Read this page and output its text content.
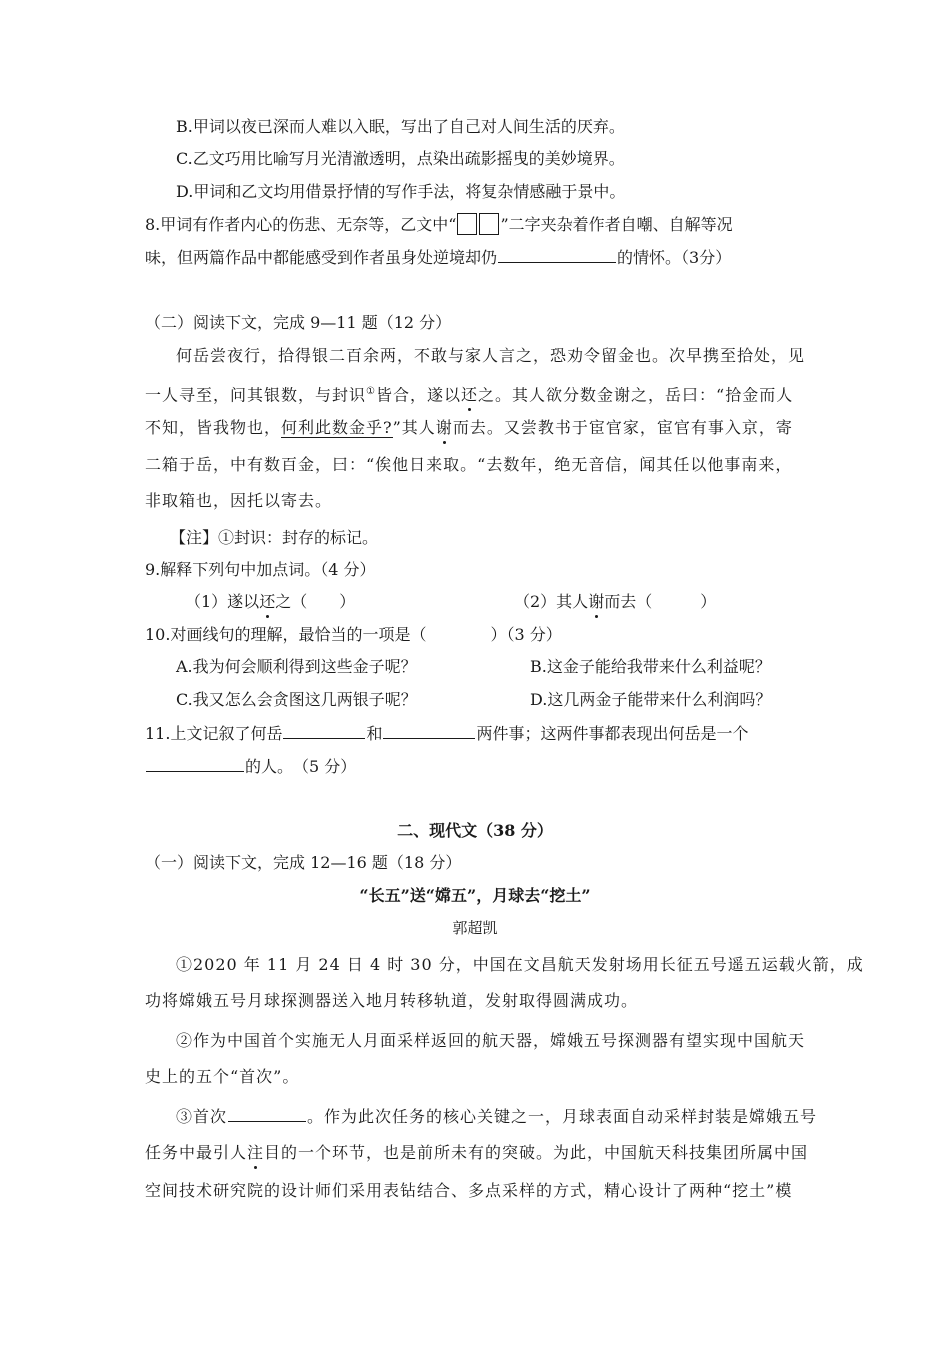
B.甲词以夜已深而人难以入眠，写出了自己对人间生活的厌弃。
C.乙文巧用比喻写月光清澈透明，点染出疏影摇曳的美妙境界。
D.甲词和乙文均用借景抒情的写作手法，将复杂情感融于景中。
8.甲词有作者内心的伤悲、无奈等，乙文中“	”二字夹杂着作者自嘲、自解等况
味，但两篇作品中都能感受到作者虽身处逆境却仍	的情怀。（3分）
（二）阅读下文，完成 9—11 题（12 分）
何岳尝夜行，拾得银二百余两，不敢与家人言之，恐劝令留金也。次早携至拾处，见
一人寻至，问其银数，与封识①皆合，遂以还之。其人欲分数金谢之，岳曰：“拾金而人
不知，皆我物也，何利此数金乎?”其人谢而去。又尝教书于宦官家，宦官有事入京，寄
二箱于岳，中有数百金，曰：“俟他日来取。“去数年，绝无音信，闻其任以他事南来，
非取箱也，因托以寄去。
【注】①封识：封存的标记。
9.解释下列句中加点词。（4 分）
（1）遂以还之（　　）	（2）其人谢而去（　　　）
10.对画线句的理解，最恰当的一项是（　　　　）（3 分）
A.我为何会顺利得到这些金子呢？	B.这金子能给我带来什么利益呢？
C.我又怎么会贪图这几两银子呢？	D.这几两金子能带来什么利润吗？
11.上文记叙了何岳	和	两件事；这两件事都表现出何岳是一个
的人。　（5 分）
二、现代文（38 分）
（一）阅读下文，完成 12—16 题（18 分）
“长五”送“嫦五”，月球去“挖土”
郭超凯
①2020 年 11 月 24 日 4 时 30 分，中国在文昌航天发射场用长征五号遥五运载火箭，成
功将嫦娥五号月球探测器送入地月转移轨道，发射取得圆满成功。
②作为中国首个实施无人月面采样返回的航天器，嫦娥五号探测器有望实现中国航天
史上的五个“首次”。
③首次	。作为此次任务的核心关键之一，月球表面自动采样封装是嫦娥五号
任务中最引人注目的一个环节，也是前所未有的突破。为此，中国航天科技集团所属中国
空间技术研究院的设计师们采用表钻结合、多点采样的方式，精心设计了两种“挖土”模
